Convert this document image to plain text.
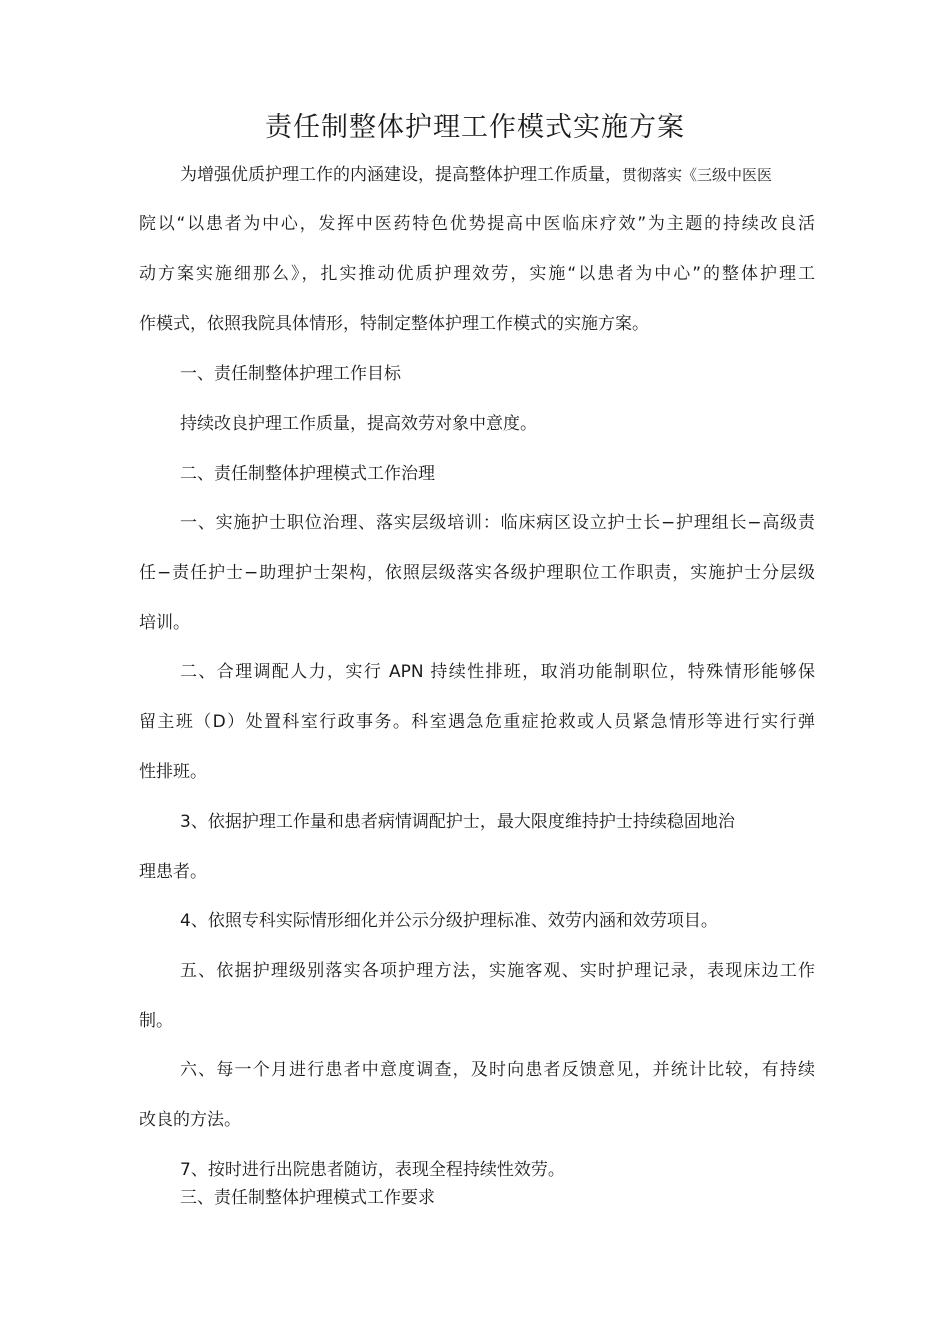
责任制整体护理工作模式实施方案
为增强优质护理工作的内涵建设，提高整体护理工作质量，贯彻落实《三级中医医
院以“以患者为中心，发挥中医药特色优势提高中医临床疗效”为主题的持续改良活
动方案实施细那么》，扎实推动优质护理效劳，实施“以患者为中心”的整体护理工
作模式，依照我院具体情形，特制定整体护理工作模式的实施方案。
一、责任制整体护理工作目标
持续改良护理工作质量，提高效劳对象中意度。
二、责任制整体护理模式工作治理
一、实施护士职位治理、落实层级培训：临床病区设立护士长−护理组长−高级责
任−责任护士−助理护士架构，依照层级落实各级护理职位工作职责，实施护士分层级
培训。
二、合理调配人力，实行 APN 持续性排班，取消功能制职位，特殊情形能够保
留主班（D）处置科室行政事务。科室遇急危重症抢救或人员紧急情形等进行实行弹
性排班。
3、依据护理工作量和患者病情调配护士，最大限度维持护士持续稳固地治
理患者。
4、依照专科实际情形细化并公示分级护理标准、效劳内涵和效劳项目。
五、依据护理级别落实各项护理方法，实施客观、实时护理记录，表现床边工作
制。
六、每一个月进行患者中意度调查，及时向患者反馈意见，并统计比较，有持续
改良的方法。
7、按时进行出院患者随访，表现全程持续性效劳。
三、责任制整体护理模式工作要求
